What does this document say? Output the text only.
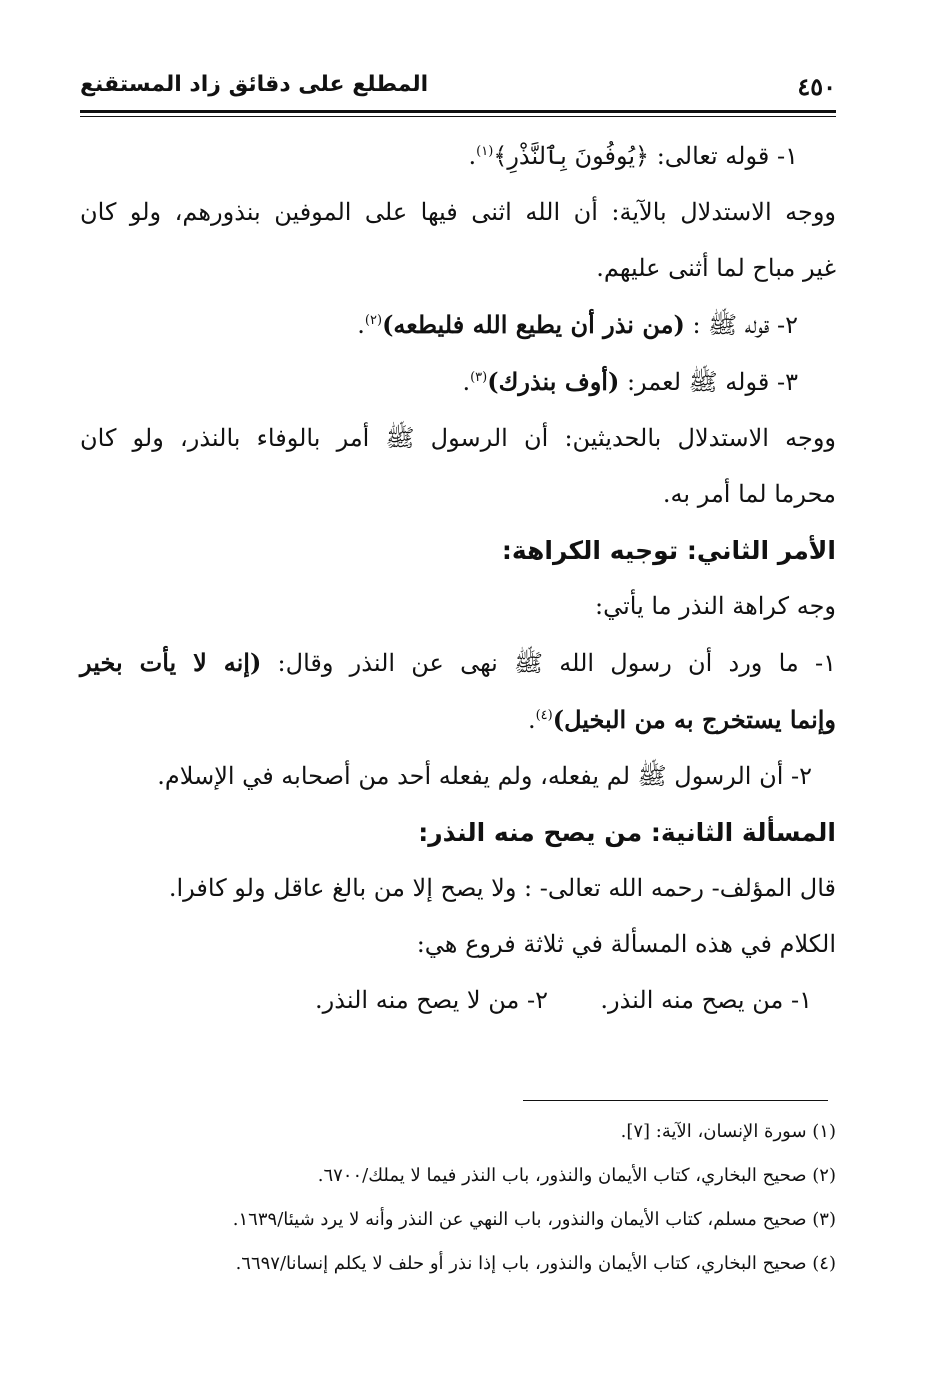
٤٥٠
المطلع على دقائق زاد المستقنع

١- قوله تعالى: ﴿يُوفُونَ بِٱلنَّذْرِ﴾$^{(١)}$.

ووجه الاستدلال بالآية: أن الله اثنى فيها على الموفين بنذورهم، ولو كان

غير مباح لما أثنى عليهم.

٢- قوله ﷺ : (من نذر أن يطيع الله فليطعه)$^{(٢)}$.

٣- قوله ﷺ لعمر: (أوف بنذرك)$^{(٣)}$.

ووجه الاستدلال بالحديثين: أن الرسول ﷺ أمر بالوفاء بالنذر، ولو كان

محرما لما أمر به.

الأمر الثاني: توجيه الكراهة:

وجه كراهة النذر ما يأتي:

١- ما ورد أن رسول الله ﷺ نهى عن النذر وقال: (إنه لا يأت بخير

وإنما يستخرج به من البخيل)$^{(٤)}$.

٢- أن الرسول ﷺ لم يفعله، ولم يفعله أحد من أصحابه في الإسلام.

المسألة الثانية: من يصح منه النذر:

قال المؤلف- رحمه الله تعالى- : ولا يصح إلا من بالغ عاقل ولو كافرا.

الكلام في هذه المسألة في ثلاثة فروع هي:

١- من يصح منه النذر.
٢- من لا يصح منه النذر.

(١) سورة الإنسان، الآية: [٧].

(٢) صحيح البخاري، كتاب الأيمان والنذور، باب النذر فيما لا يملك/٦٧٠٠.

(٣) صحيح مسلم، كتاب الأيمان والنذور، باب النهي عن النذر وأنه لا يرد شيئا/١٦٣٩.

(٤) صحيح البخاري، كتاب الأيمان والنذور، باب إذا نذر أو حلف لا يكلم إنسانا/٦٦٩٧.
